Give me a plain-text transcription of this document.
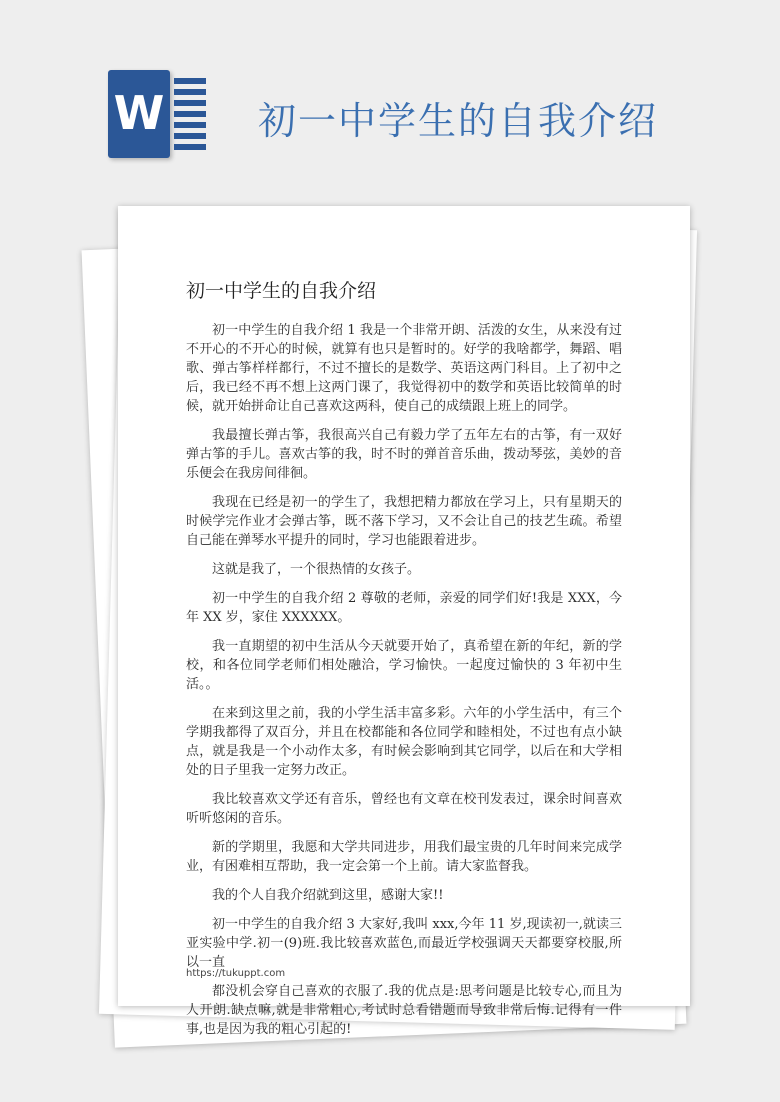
W 初一中学生的自我介绍
初一中学生的自我介绍

初一中学生的自我介绍 1 我是一个非常开朗、活泼的女生，从来没有过不开心的不开心的时候，就算有也只是暂时的。好学的我啥都学，舞蹈、唱歌、弹古筝样样都行，不过不擅长的是数学、英语这两门科目。上了初中之后，我已经不再不想上这两门课了，我觉得初中的数学和英语比较简单的时候，就开始拼命让自己喜欢这两科，使自己的成绩跟上班上的同学。

我最擅长弹古筝，我很高兴自己有毅力学了五年左右的古筝，有一双好弹古筝的手儿。喜欢古筝的我，时不时的弹首音乐曲，拨动琴弦，美妙的音乐便会在我房间徘徊。

我现在已经是初一的学生了，我想把精力都放在学习上，只有星期天的时候学完作业才会弹古筝，既不落下学习，又不会让自己的技艺生疏。希望自己能在弹琴水平提升的同时，学习也能跟着进步。

这就是我了，一个很热情的女孩子。

初一中学生的自我介绍 2 尊敬的老师，亲爱的同学们好!我是 XXX，今年 XX 岁，家住 XXXXXX。

我一直期望的初中生活从今天就要开始了，真希望在新的年纪，新的学校，和各位同学老师们相处融洽，学习愉快。一起度过愉快的 3 年初中生活。。

在来到这里之前，我的小学生活丰富多彩。六年的小学生活中，有三个学期我都得了双百分，并且在校都能和各位同学和睦相处，不过也有点小缺点，就是我是一个小动作太多，有时候会影响到其它同学，以后在和大学相处的日子里我一定努力改正。

我比较喜欢文学还有音乐，曾经也有文章在校刊发表过，课余时间喜欢听听悠闲的音乐。

新的学期里，我愿和大学共同进步，用我们最宝贵的几年时间来完成学业，有困难相互帮助，我一定会第一个上前。请大家监督我。

我的个人自我介绍就到这里，感谢大家!!

初一中学生的自我介绍 3 大家好,我叫 xxx,今年 11 岁,现读初一,就读三亚实验中学.初一(9)班.我比较喜欢蓝色,而最近学校强调天天都要穿校服,所以一直

都没机会穿自己喜欢的衣服了.我的优点是:思考问题是比较专心,而且为人开朗.缺点嘛,就是非常粗心,考试时总看错题而导致非常后悔.记得有一件事,也是因为我的粗心引起的!

https://tukuppt.com
